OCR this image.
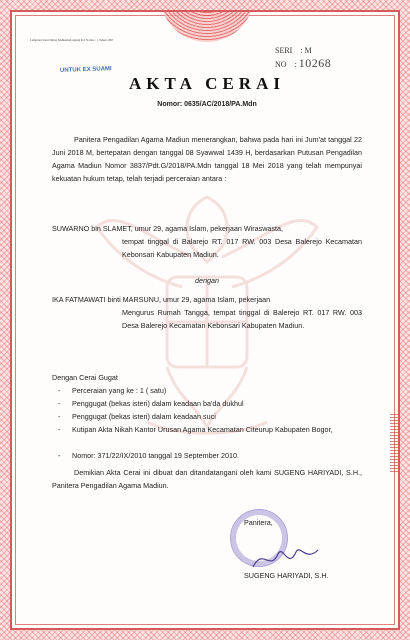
Lampiran Surat Dirjen Mahkamah Agung R.I. Nomor : 1 Tahun 1997
SERI : M
NO    : 10268
UNTUK EX SUAMI
AKTA CERAI
Nomor: 0635/AC/2018/PA.Mdn
Panitera Pengadilan Agama Madiun menerangkan, bahwa pada hari ini Jum'at tanggal 22 Juni 2018 M, bertepatan dengan tanggal 08 Syawwal 1439 H, berdasarkan Putusan Pengadilan Agama Madiun Nomor 3837/Pdt.G/2018/PA.Mdn tanggal 18 Mei 2018 yang telah mempunyai kekuatan hukum tetap, telah terjadi perceraian antara :
SUWARNO bin SLAMET, umur 29, agama Islam, pekerjaan Wiraswasta,
tempat tinggal di Balarejo RT. 017 RW. 003 Desa Balerejo Kecamatan Kebonsari Kabupaten Madiun.
dengan
IKA FATMAWATI binti MARSUNU, umur 29, agama Islam, pekerjaan
Mengurus Rumah Tangga, tempat tinggal di Balerejo RT. 017 RW. 003 Desa Balerejo Kecamatan Kebonsari Kabupaten Madiun.
Dengan Cerai Gugat
- Perceraian yang ke : 1 ( satu)
- Penggugat (bekas isteri) dalam keadaan ba'da dukhul
- Penggugat (bekas isteri) dalam keadaan suci
- Kutipan Akta Nikah Kantor Urusan Agama Kecamatan Citeurup Kabupaten Bogor,
- Nomor: 371/22/IX/2010 tanggal 19 September 2010.
Demikian Akta Cerai ini dibuat dan ditandatangani oleh kami SUGENG HARIYADI, S.H., Panitera Pengadilan Agama Madiun.
Panitera,
SUGENG HARIYADI, S.H.
